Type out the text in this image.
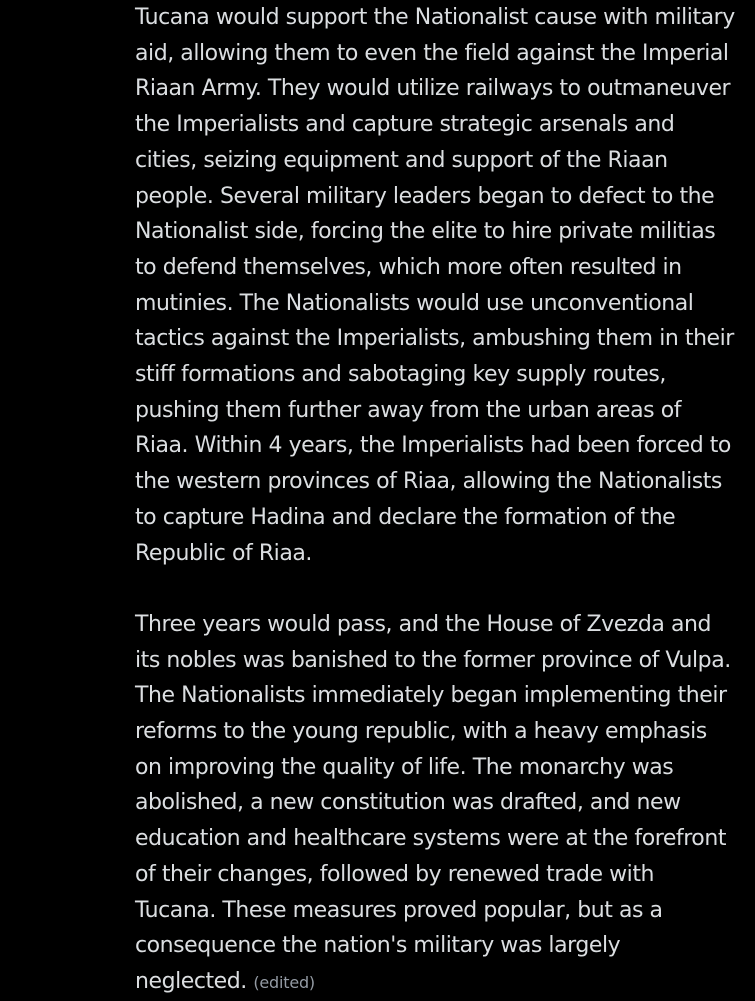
Tucana would support the Nationalist cause with military aid, allowing them to even the field against the Imperial Riaan Army. They would utilize railways to outmaneuver the Imperialists and capture strategic arsenals and cities, seizing equipment and support of the Riaan people. Several military leaders began to defect to the Nationalist side, forcing the elite to hire private militias to defend themselves, which more often resulted in mutinies. The Nationalists would use unconventional tactics against the Imperialists, ambushing them in their stiff formations and sabotaging key supply routes, pushing them further away from the urban areas of Riaa. Within 4 years, the Imperialists had been forced to the western provinces of Riaa, allowing the Nationalists to capture Hadina and declare the formation of the Republic of Riaa.

Three years would pass, and the House of Zvezda and its nobles was banished to the former province of Vulpa. The Nationalists immediately began implementing their reforms to the young republic, with a heavy emphasis on improving the quality of life. The monarchy was abolished, a new constitution was drafted, and new education and healthcare systems were at the forefront of their changes, followed by renewed trade with Tucana. These measures proved popular, but as a consequence the nation's military was largely neglected. (edited)
